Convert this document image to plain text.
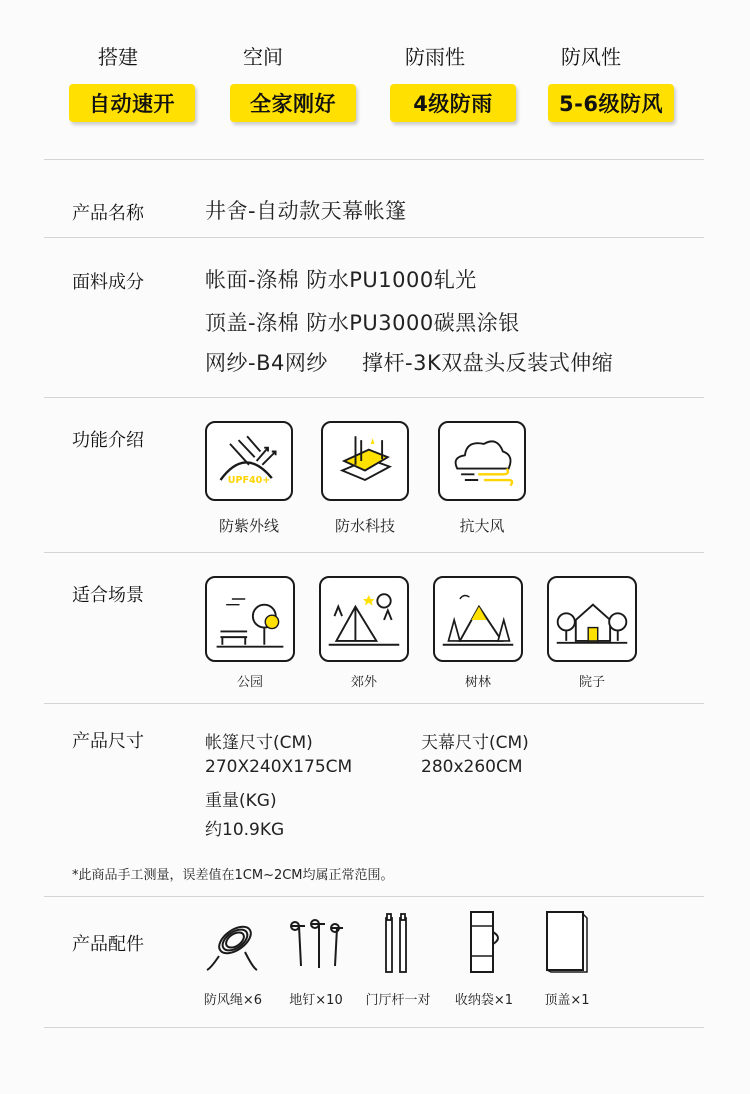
搭建	空间	防雨性	防风性
自动速开	全家刚好	4级防雨	5-6级防风
产品名称	井舍-自动款天幕帐篷
面料成分	帐面-涤棉 防水PU1000轧光
顶盖-涤棉 防水PU3000碳黑涂银
网纱-B4网纱 撑杆-3K双盘头反装式伸缩
功能介绍
UPF40+
防紫外线	防水科技	抗大风
适合场景
公园	郊外	树林	院子
产品尺寸	帐篷尺寸(CM)
270X240X175CM
重量(KG)
约10.9KG
天幕尺寸(CM)
280x260CM
*此商品手工测量，误差值在1CM~2CM均属正常范围。
产品配件
防风绳×6	地钉×10	门厅杆一对	收纳袋×1	顶盖×1
